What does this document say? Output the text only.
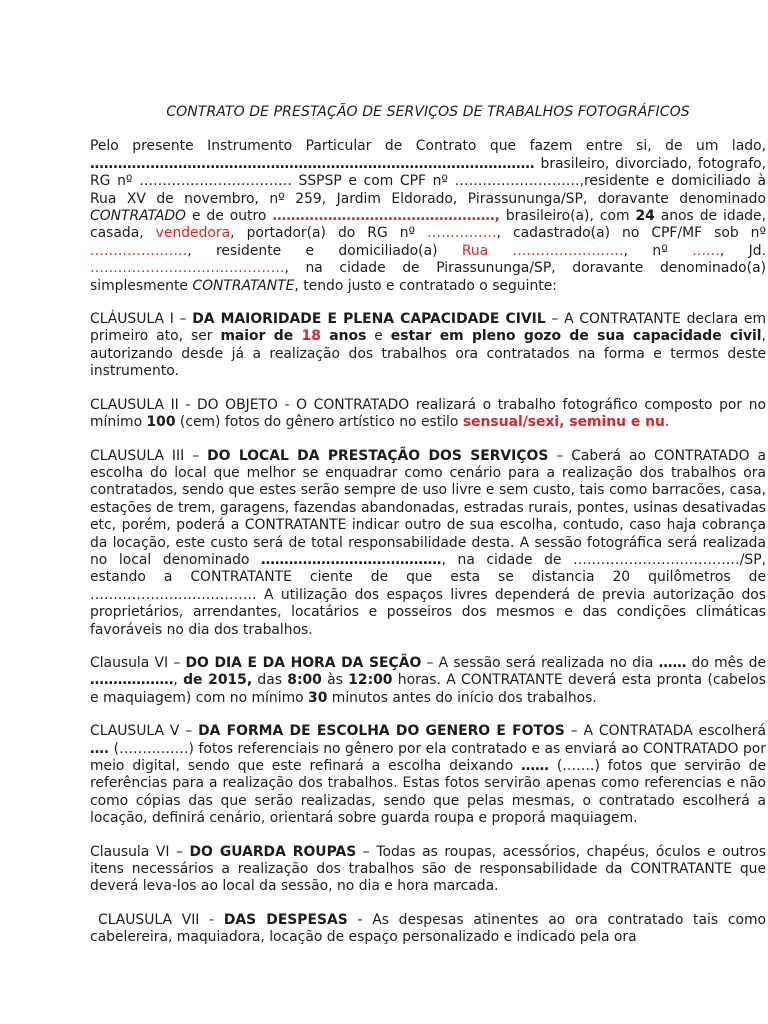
CONTRATO DE PRESTAÇÃO DE SERVIÇOS DE TRABALHOS FOTOGRÁFICOS

Pelo presente Instrumento Particular de Contrato que fazem entre si, de um lado, …………………………………………………………………………………… brasileiro, divorciado, fotografo, RG nº …………………………… SSPSP e com CPF nº ………………………,residente e domiciliado à Rua XV de novembro, nº 259, Jardim Eldorado, Pirassununga/SP, doravante denominado CONTRATADO e de outro …………………………………………, brasileiro(a), com 24 anos de idade, casada, vendedora, portador(a) do RG nº ……………, cadastrado(a) no CPF/MF sob nº …………………, residente e domiciliado(a) Rua ……………………, nº ……, Jd. ……………………………………, na cidade de Pirassununga/SP, doravante denominado(a) simplesmente CONTRATANTE, tendo justo e contratado o seguinte:

CLÁUSULA I – DA MAIORIDADE E PLENA CAPACIDADE CIVIL – A CONTRATANTE declara em primeiro ato, ser maior de 18 anos e estar em pleno gozo de sua capacidade civil, autorizando desde já a realização dos trabalhos ora contratados na forma e termos deste instrumento.

CLAUSULA II - DO OBJETO - O CONTRATADO realizará o trabalho fotográfico composto por no mínimo 100 (cem) fotos do gênero artístico no estilo sensual/sexi, seminu e nu.

CLAUSULA III – DO LOCAL DA PRESTAÇÃO DOS SERVIÇOS – Caberá ao CONTRATADO a escolha do local que melhor se enquadrar como cenário para a realização dos trabalhos ora contratados, sendo que estes serão sempre de uso livre e sem custo, tais como barracões, casa, estações de trem, garagens, fazendas abandonadas, estradas rurais, pontes, usinas desativadas etc, porém, poderá a CONTRATANTE indicar outro de sua escolha, contudo, caso haja cobrança da locação, este custo será de total responsabilidade desta. A sessão fotográfica será realizada no local denominado …………………………………, na cidade de ………………………………/SP, estando a CONTRATANTE ciente de que esta se distancia 20 quilômetros de ……………………………… A utilização dos espaços livres dependerá de previa autorização dos proprietários, arrendantes, locatários e posseiros dos mesmos e das condições climáticas favoráveis no dia dos trabalhos.

Clausula VI – DO DIA E DA HORA DA SEÇÃO – A sessão será realizada no dia …… do mês de ………………, de 2015, das 8:00 às 12:00 horas. A CONTRATANTE deverá esta pronta (cabelos e maquiagem) com no mínimo 30 minutos antes do início dos trabalhos.

CLAUSULA V – DA FORMA DE ESCOLHA DO GENERO E FOTOS – A CONTRATADA escolherá …. (……………) fotos referenciais no gênero por ela contratado e as enviará ao CONTRATADO por meio digital, sendo que este refinará a escolha deixando …… (…….) fotos que servirão de referências para a realização dos trabalhos. Estas fotos servirão apenas como referencias e não como cópias das que serão realizadas, sendo que pelas mesmas, o contratado escolherá a locação, definirá cenário, orientará sobre guarda roupa e proporá maquiagem.

Clausula VI – DO GUARDA ROUPAS – Todas as roupas, acessórios, chapéus, óculos e outros itens necessários a realização dos trabalhos são de responsabilidade da CONTRATANTE que deverá leva-los ao local da sessão, no dia e hora marcada.

CLAUSULA VII - DAS DESPESAS - As despesas atinentes ao ora contratado tais como cabelereira, maquiadora, locação de espaço personalizado e indicado pela ora
